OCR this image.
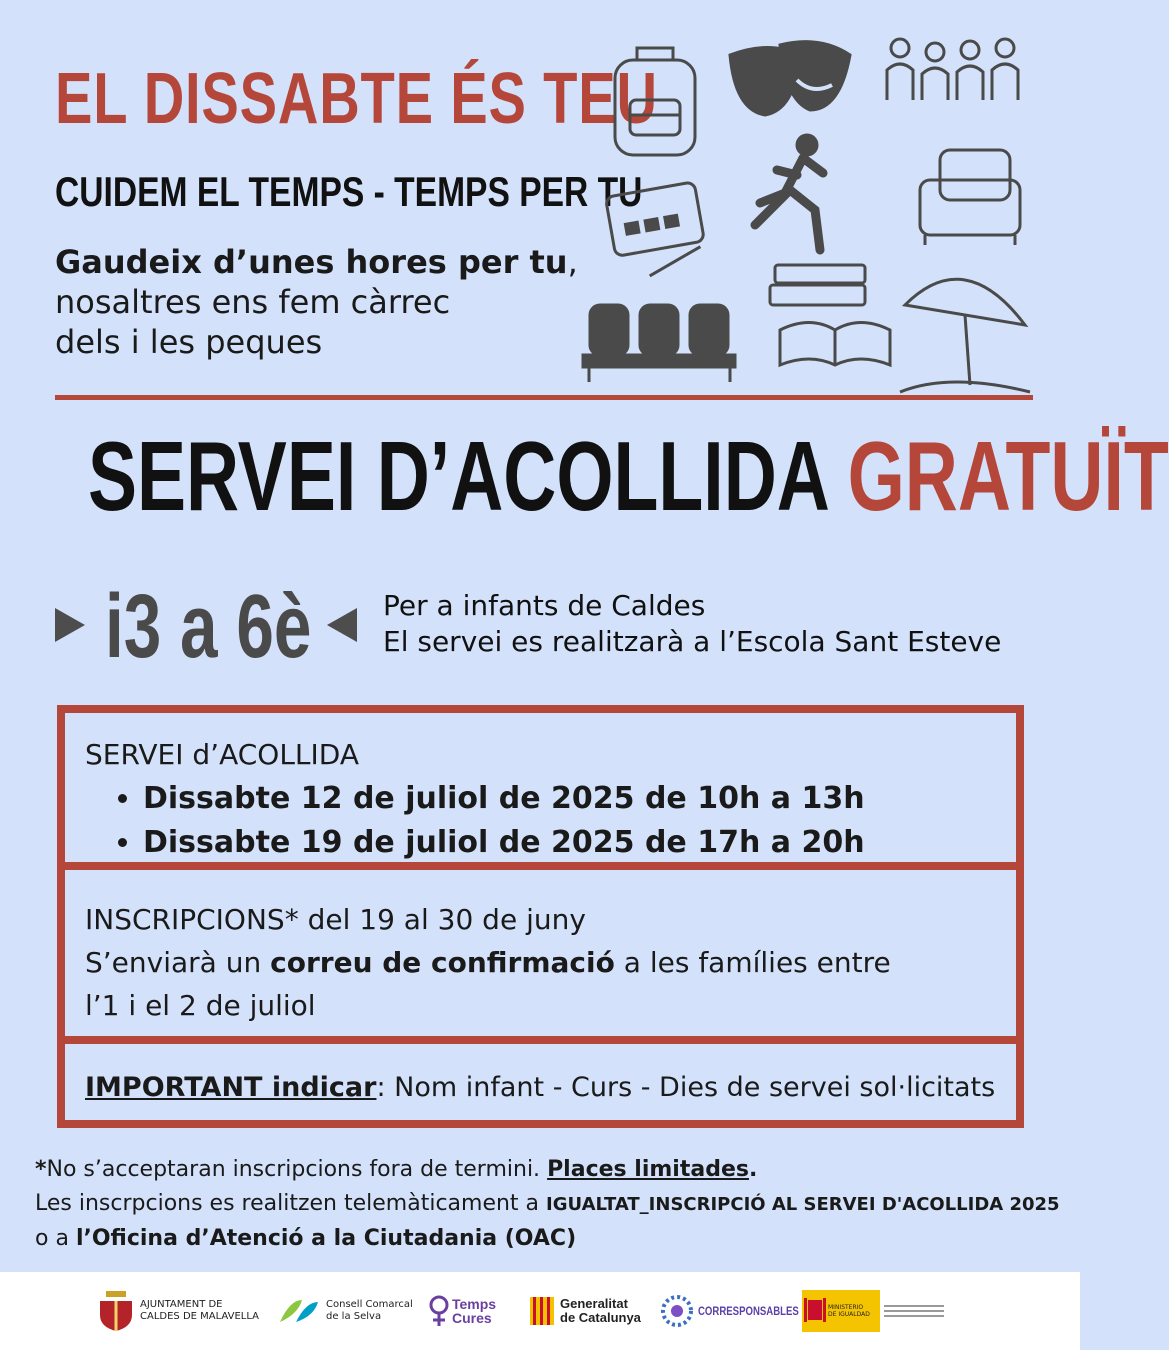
EL DISSABTE ÉS TEU
CUIDEM EL TEMPS - TEMPS PER TU
Gaudeix d’unes hores per tu,
nosaltres ens fem càrrec
dels i les peques
SERVEI D’ACOLLIDA GRATUÏT
i3 a 6è	Per a infants de Caldes
El servei es realitzarà a l’Escola Sant Esteve
SERVEI d’ACOLLIDA
• Dissabte 12 de juliol de 2025 de 10h a 13h
• Dissabte 19 de juliol de 2025 de 17h a 20h
INSCRIPCIONS* del 19 al 30 de juny
S’enviarà un correu de confirmació a les famílies entre
l’1 i el 2 de juliol
IMPORTANT indicar: Nom infant - Curs - Dies de servei sol·licitats
*No s’acceptaran inscripcions fora de termini. Places limitades.
Les inscrpcions es realitzen telemàticament a IGUALTAT_INSCRIPCIÓ AL SERVEI D'ACOLLIDA 2025
o a l’Oficina d’Atenció a la Ciutadania (OAC)
AJUNTAMENT DE
CALDES DE MALAVELLA
Consell Comarcal
de la Selva
Temps
Cures
Generalitat
de Catalunya	CORRESPONSABLES	MINISTERIO
DE IGUALDAD
